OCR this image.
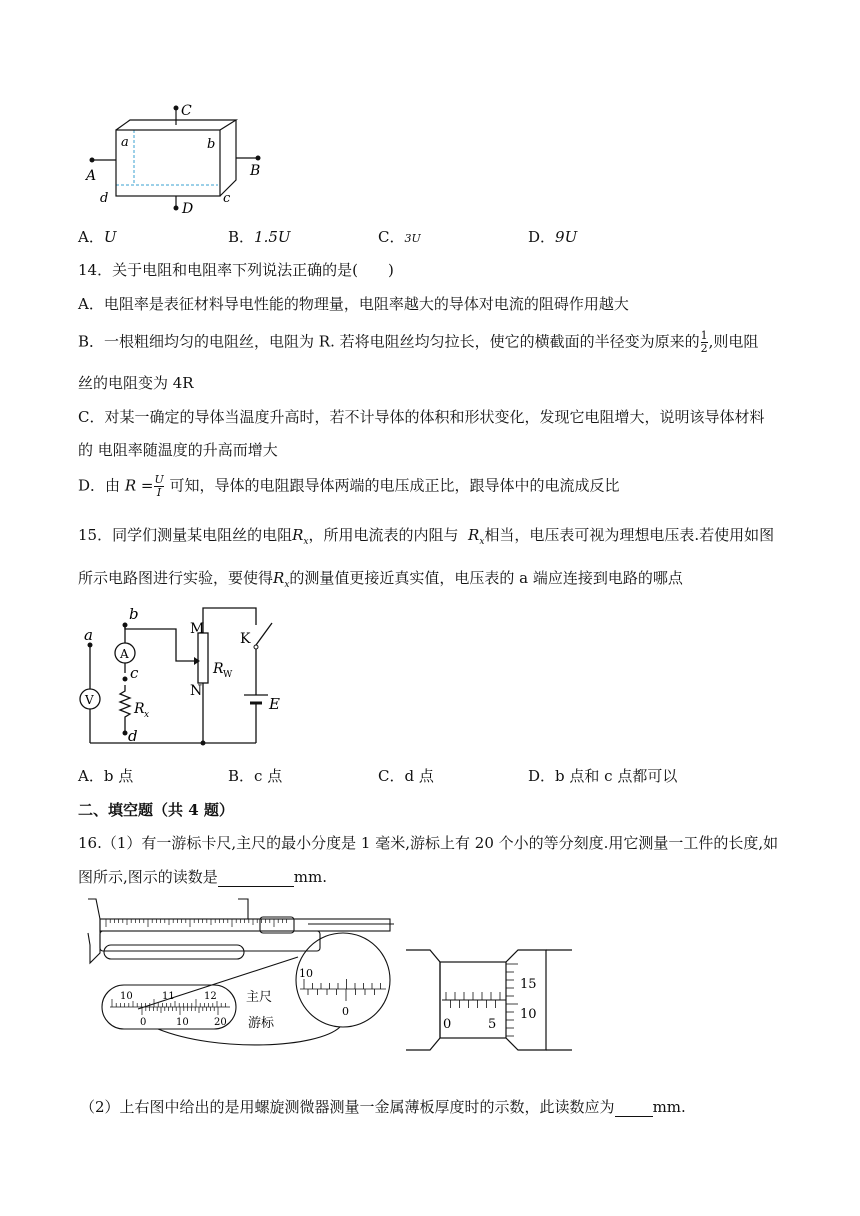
C
A	B
D
a	b
c
d
A．U	B．1.5U	C．3U	D．9U
14．关于电阻和电阻率下列说法正确的是(　　)
A．电阻率是表征材料导电性能的物理量，电阻率越大的导体对电流的阻碍作用越大
B．一根粗细均匀的电阻丝，电阻为 R. 若将电阻丝均匀拉长，使它的横截面的半径变为原来的 $\frac{1}{2}$ ,则电阻
丝的电阻变为 4R
C．对某一确定的导体当温度升高时，若不计导体的体积和形状变化，发现它电阻增大，说明该导体材料
的 电阻率随温度的升高而增大
D．由 $R = \frac{U}{I}$ 可知，导体的电阻跟导体两端的电压成正比，跟导体中的电流成反比
15．同学们测量某电阻丝的电阻$R_x$，所用电流表的内阻与 $R_x$相当，电压表可视为理想电压表.若使用如图
所示电路图进行实验，要使得$R_x$的测量值更接近真实值，电压表的 a 端应连接到电路的哪点
a
b
c
d
A
V
R x
M
N
R W
K
E
A．b 点	B．c 点	C．d 点	D．b 点和 c 点都可以
二、填空题（共 4 题）
16.（1）有一游标卡尺,主尺的最小分度是 1 毫米,游标上有 20 个小的等分刻度.用它测量一工件的长度,如
图所示,图示的读数是	mm.
10	11	12
0	10	20
主尺
游标
10
0
0	5
15
10
（2）上右图中给出的是用螺旋测微器测量一金属薄板厚度时的示数，此读数应为	mm.
